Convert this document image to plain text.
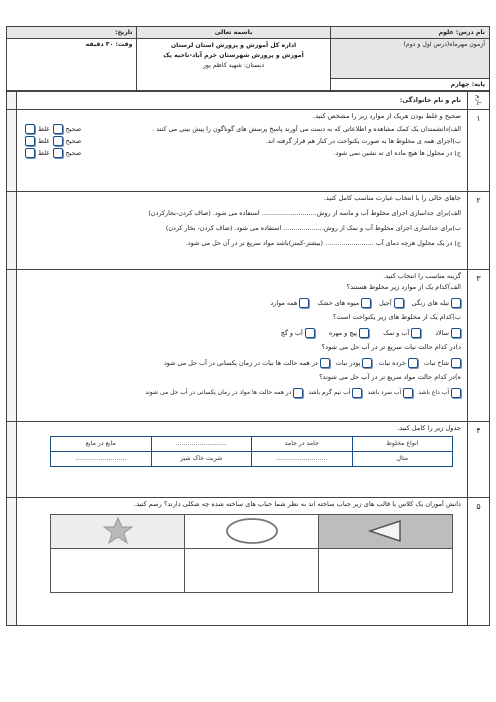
نام درس: علوم	باسمه تعالی	تاریخ:
آزمون مهرماه(درس اول و دوم)	اداره کل آموزش و پرورش استان لرستان
آموزش و پرورش شهرستان خرم آباد-ناحیه یک
دبستان: شهید کاظم پور	وقت: ۳۰ دقیقه
پایه: چهارم		
بارم
نام و نام خانوادگی:
۱
صحیح و غلط بودن هریک از موارد زیر را مشخص کنید.
الف)دانشمندان یک کمک مشاهده و اطلاعاتی که به دست می آورند پاسخ پرسش های گوناگون را پیش بینی می کنند .
صحیح
غلط
ب)اجزای همه ی مخلوط ها به صورت یکنواخت در کنار هم قرار گرفته اند.
صحیح
غلط
ج) در محلول ها هیچ ماده ای ته نشین نمی شود.
صحیح
غلط
۲
جاهای خالی را با انتخاب عبارت مناسب کامل کنید.
الف)برای جداسازی اجزای مخلوط آب و ماسه از روش........................... استفاده می شود. (صاف کردن-بخارکردن)
ب)برای جداسازی اجزای مخلوط آب و نمک از روش.................... استفاده می شود. (صاف کردن- بخار کردن)
ج) در یک محلول هرچه دمای آب ........................ (بیشتر-کمتر)باشد مواد سریع تر در آن حل می شود.
۳
گزینه مناسب را انتخاب کنید.
الف)کدام یک از موارد زیر مخلوط هستند؟
تیله های رنگی
آجیل
میوه های خشک
همه موارد
ب)کدام یک از مخلوط های زیر یکنواخت است؟
سالاد
آب و نمک
پیچ و مهره
آب و گچ
د)در کدام حالت نبات سریع تر در آب حل می شود؟
شاخ نبات
خرده نبات
پودر نبات
در همه حالت ها نبات در زمان یکسانی در آب حل می شود
ه)در کدام حالت مواد سریع تر در آب حل می شوند؟
آب داغ باشد
آب سرد باشد
آب نیم گرم باشد
در همه حالت ها مواد در زمان یکسانی در آب حل می شوند
۴
جدول زیر را کامل کنید.
انواع مخلوط	جامد در جامد	..........................	مایع در مایع
مثال	..........................	شربت خاک شیر	..........................
۵
دانش آموزان یک کلاس با قالب های زیر حباب ساخته اند به نظر شما حباب های ساخته شده چه شکلی دارند؟ رسم کنید.
